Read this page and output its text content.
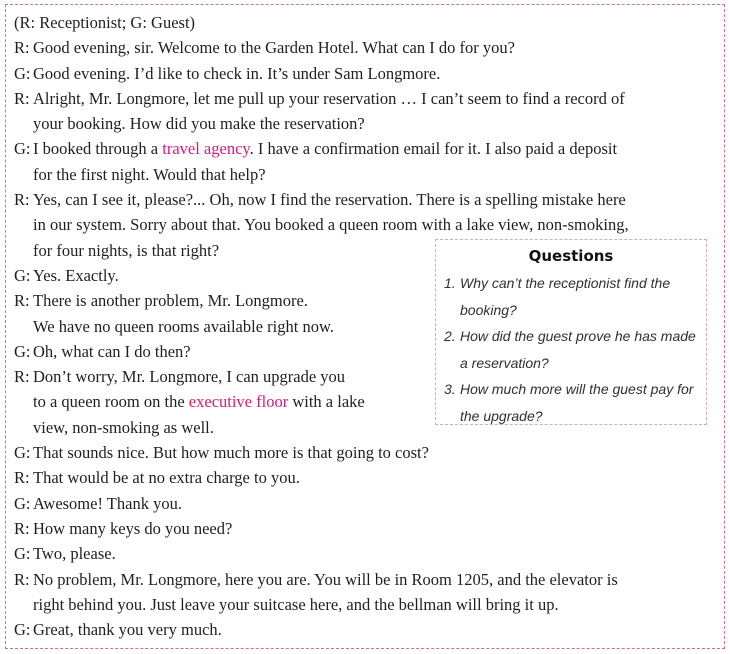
(R: Receptionist; G: Guest)
R: Good evening, sir. Welcome to the Garden Hotel. What can I do for you?
G: Good evening. I’d like to check in. It’s under Sam Longmore.
R: Alright, Mr. Longmore, let me pull up your reservation … I can’t seem to find a record of
your booking. How did you make the reservation?
G: I booked through a travel agency. I have a confirmation email for it. I also paid a deposit
for the first night. Would that help?
R: Yes, can I see it, please?... Oh, now I find the reservation. There is a spelling mistake here
in our system. Sorry about that. You booked a queen room with a lake view, non-smoking,
for four nights, is that right?
G: Yes. Exactly.
R: There is another problem, Mr. Longmore.
We have no queen rooms available right now.
G: Oh, what can I do then?
R: Don’t worry, Mr. Longmore, I can upgrade you
to a queen room on the executive floor with a lake
view, non-smoking as well.
G: That sounds nice. But how much more is that going to cost?
R: That would be at no extra charge to you.
G: Awesome! Thank you.
R: How many keys do you need?
G: Two, please.
R: No problem, Mr. Longmore, here you are. You will be in Room 1205, and the elevator is
right behind you. Just leave your suitcase here, and the bellman will bring it up.
G: Great, thank you very much.
Questions
1. Why can’t the receptionist find the
booking?
2. How did the guest prove he has made
a reservation?
3. How much more will the guest pay for
the upgrade?
